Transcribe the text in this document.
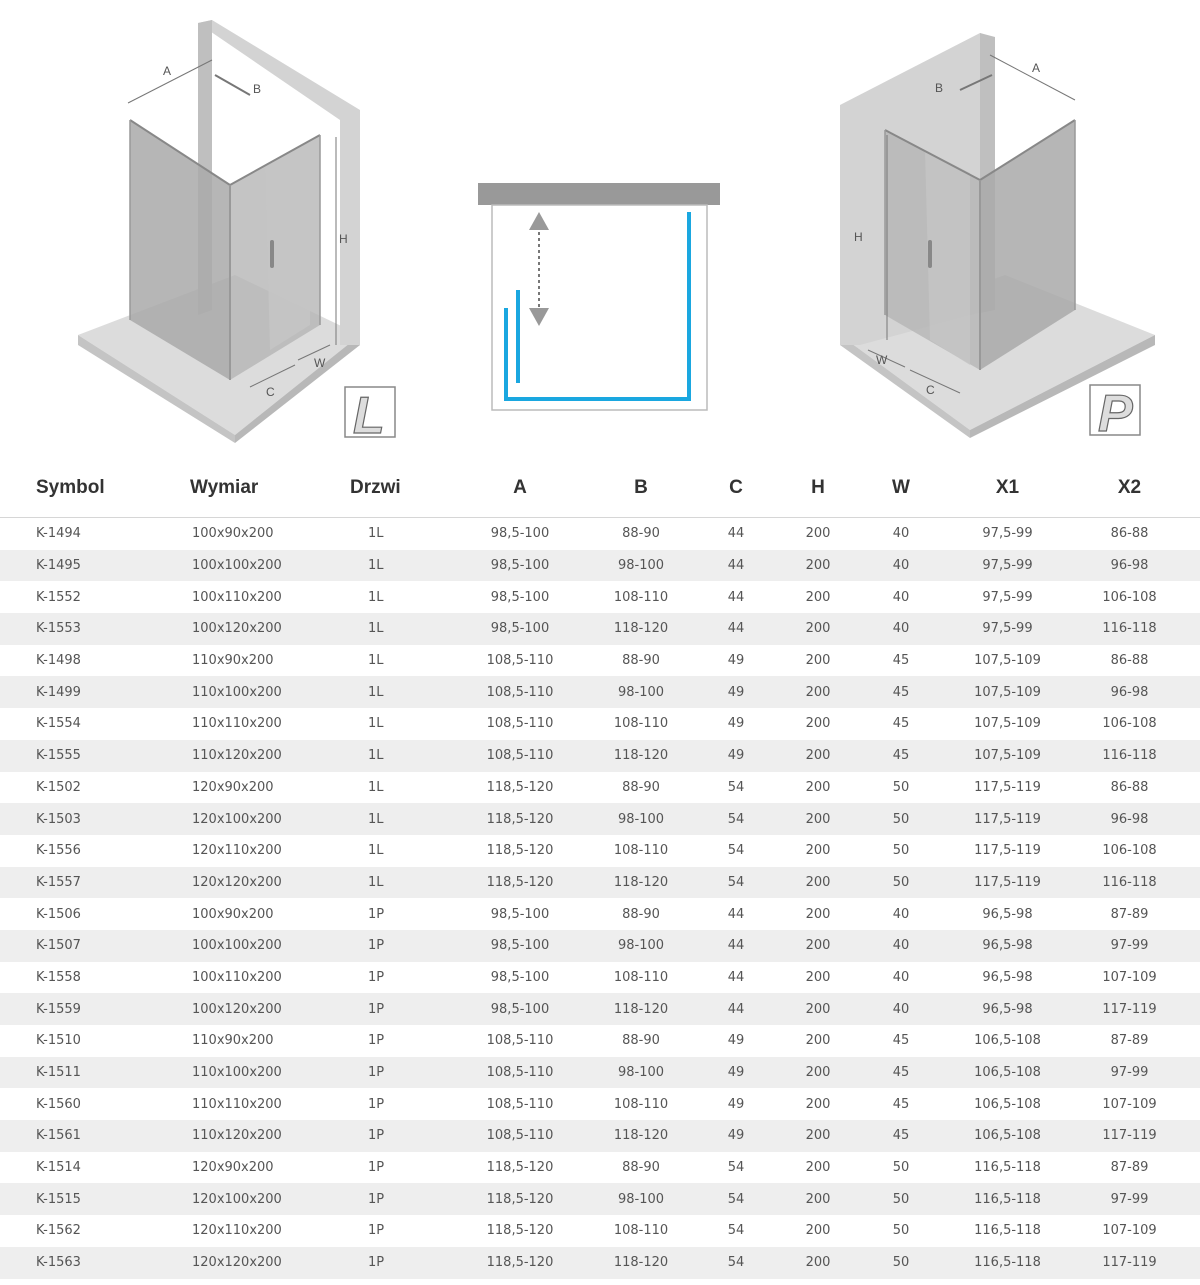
A
B
H
C
W
L
A
B
H
W
C	P
Symbol	Wymiar	Drzwi	A	B	C	H	W	X1	X2
K-1494	100x90x200	1L	98,5-100	88-90	44	200	40	97,5-99	86-88
K-1495	100x100x200	1L	98,5-100	98-100	44	200	40	97,5-99	96-98
K-1552	100x110x200	1L	98,5-100	108-110	44	200	40	97,5-99	106-108
K-1553	100x120x200	1L	98,5-100	118-120	44	200	40	97,5-99	116-118
K-1498	110x90x200	1L	108,5-110	88-90	49	200	45	107,5-109	86-88
K-1499	110x100x200	1L	108,5-110	98-100	49	200	45	107,5-109	96-98
K-1554	110x110x200	1L	108,5-110	108-110	49	200	45	107,5-109	106-108
K-1555	110x120x200	1L	108,5-110	118-120	49	200	45	107,5-109	116-118
K-1502	120x90x200	1L	118,5-120	88-90	54	200	50	117,5-119	86-88
K-1503	120x100x200	1L	118,5-120	98-100	54	200	50	117,5-119	96-98
K-1556	120x110x200	1L	118,5-120	108-110	54	200	50	117,5-119	106-108
K-1557	120x120x200	1L	118,5-120	118-120	54	200	50	117,5-119	116-118
K-1506	100x90x200	1P	98,5-100	88-90	44	200	40	96,5-98	87-89
K-1507	100x100x200	1P	98,5-100	98-100	44	200	40	96,5-98	97-99
K-1558	100x110x200	1P	98,5-100	108-110	44	200	40	96,5-98	107-109
K-1559	100x120x200	1P	98,5-100	118-120	44	200	40	96,5-98	117-119
K-1510	110x90x200	1P	108,5-110	88-90	49	200	45	106,5-108	87-89
K-1511	110x100x200	1P	108,5-110	98-100	49	200	45	106,5-108	97-99
K-1560	110x110x200	1P	108,5-110	108-110	49	200	45	106,5-108	107-109
K-1561	110x120x200	1P	108,5-110	118-120	49	200	45	106,5-108	117-119
K-1514	120x90x200	1P	118,5-120	88-90	54	200	50	116,5-118	87-89
K-1515	120x100x200	1P	118,5-120	98-100	54	200	50	116,5-118	97-99
K-1562	120x110x200	1P	118,5-120	108-110	54	200	50	116,5-118	107-109
K-1563	120x120x200	1P	118,5-120	118-120	54	200	50	116,5-118	117-119
